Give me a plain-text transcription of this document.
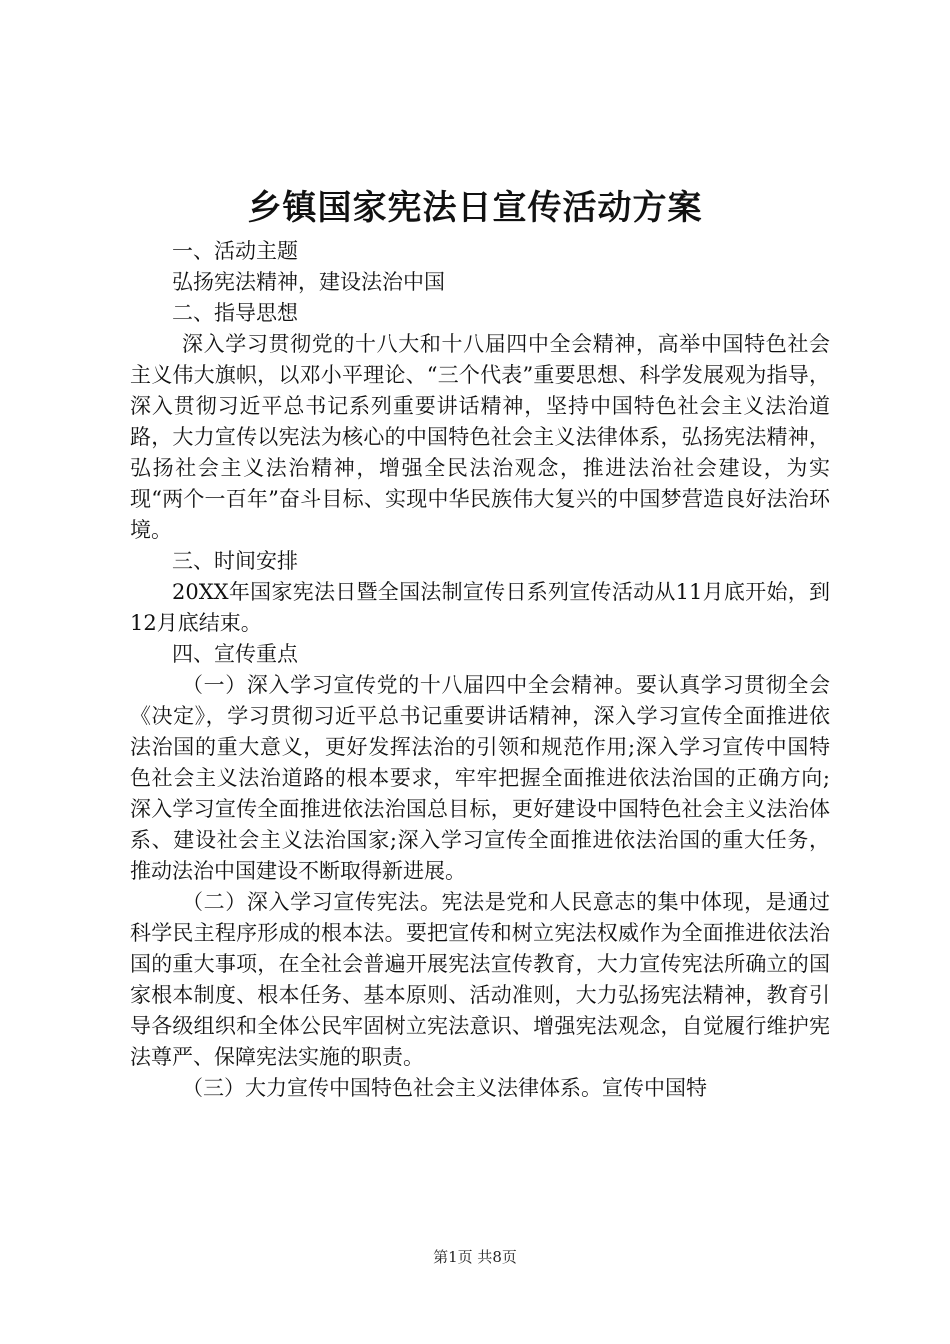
乡镇国家宪法日宣传活动方案

一、活动主题

弘扬宪法精神，建设法治中国

二、指导思想

深入学习贯彻党的十八大和十八届四中全会精神，高举中国特色社会主义伟大旗帜，以邓小平理论、“三个代表”重要思想、科学发展观为指导，深入贯彻习近平总书记系列重要讲话精神，坚持中国特色社会主义法治道路，大力宣传以宪法为核心的中国特色社会主义法律体系，弘扬宪法精神，弘扬社会主义法治精神，增强全民法治观念，推进法治社会建设，为实现“两个一百年”奋斗目标、实现中华民族伟大复兴的中国梦营造良好法治环境。

三、时间安排

20XX年国家宪法日暨全国法制宣传日系列宣传活动从11月底开始，到12月底结束。

四、宣传重点

（一）深入学习宣传党的十八届四中全会精神。要认真学习贯彻全会《决定》，学习贯彻习近平总书记重要讲话精神，深入学习宣传全面推进依法治国的重大意义，更好发挥法治的引领和规范作用;深入学习宣传中国特色社会主义法治道路的根本要求，牢牢把握全面推进依法治国的正确方向;深入学习宣传全面推进依法治国总目标，更好建设中国特色社会主义法治体系、建设社会主义法治国家;深入学习宣传全面推进依法治国的重大任务，推动法治中国建设不断取得新进展。

（二）深入学习宣传宪法。宪法是党和人民意志的集中体现，是通过科学民主程序形成的根本法。要把宣传和树立宪法权威作为全面推进依法治国的重大事项，在全社会普遍开展宪法宣传教育，大力宣传宪法所确立的国家根本制度、根本任务、基本原则、活动准则，大力弘扬宪法精神，教育引导各级组织和全体公民牢固树立宪法意识、增强宪法观念，自觉履行维护宪法尊严、保障宪法实施的职责。

（三）大力宣传中国特色社会主义法律体系。宣传中国特

第1页 共8页
